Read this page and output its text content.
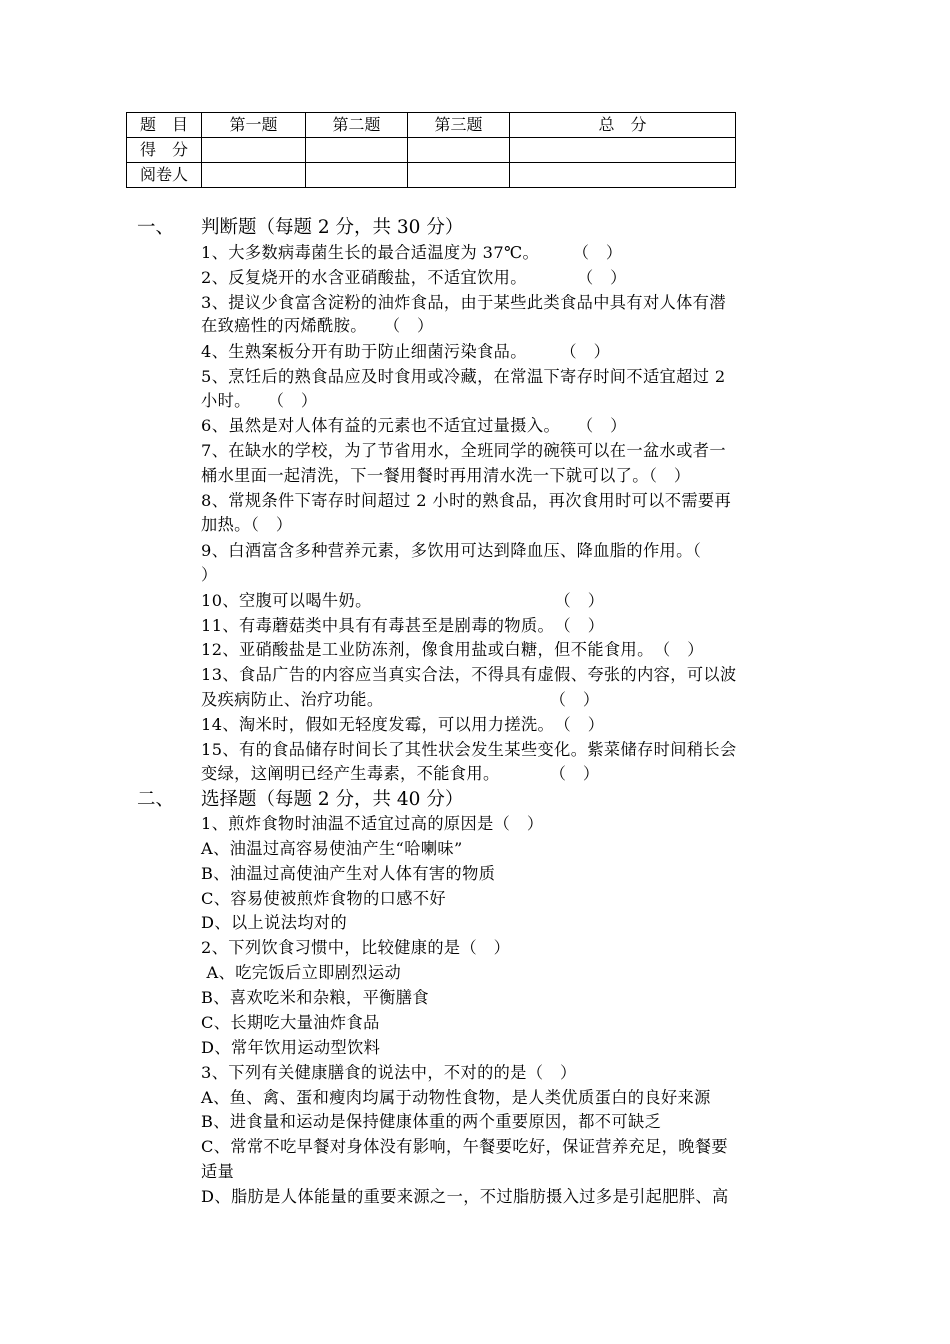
题　目	第一题	第二题	第三题	总　分
得　分				
阅卷人				
一、 判断题（每题 2 分，共 30 分）
1、大多数病毒菌生长的最合适温度为 37℃。　　　（　）
2、反复烧开的水含亚硝酸盐，不适宜饮用。　　　　（　）
3、提议少食富含淀粉的油炸食品，由于某些此类食品中具有对人体有潜
在致癌性的丙烯酰胺。　　（　）
4、生熟案板分开有助于防止细菌污染食品。　　　（　）
5、烹饪后的熟食品应及时食用或冷藏，在常温下寄存时间不适宜超过 2
小时。　　（　）
6、虽然是对人体有益的元素也不适宜过量摄入。　　（　）
7、在缺水的学校，为了节省用水，全班同学的碗筷可以在一盆水或者一
桶水里面一起清洗，下一餐用餐时再用清水洗一下就可以了。（　）
8、常规条件下寄存时间超过 2 小时的熟食品，再次食用时可以不需要再
加热。（　）
9、白酒富含多种营养元素，多饮用可达到降血压、降血脂的作用。（
）
10、空腹可以喝牛奶。　　　　　　　　　　　　（　）
11、有毒蘑菇类中具有有毒甚至是剧毒的物质。　（　）
12、亚硝酸盐是工业防冻剂，像食用盐或白糖，但不能食用。　（　）
13、食品广告的内容应当真实合法，不得具有虚假、夸张的内容，可以波
及疾病防止、治疗功能。　　　　　　　　　　　（　）
14、淘米时，假如无轻度发霉，可以用力搓洗。　（　）
15、有的食品储存时间长了其性状会发生某些变化。紫菜储存时间稍长会
变绿，这阐明已经产生毒素，不能食用。　　　　（　）
二、 选择题（每题 2 分，共 40 分）
1、煎炸食物时油温不适宜过高的原因是（　）
A、油温过高容易使油产生“哈喇味”
B、油温过高使油产生对人体有害的物质
C、容易使被煎炸食物的口感不好
D、以上说法均对的
2、下列饮食习惯中，比较健康的是（　）
A、吃完饭后立即剧烈运动
B、喜欢吃米和杂粮，平衡膳食
C、长期吃大量油炸食品
D、常年饮用运动型饮料
3、下列有关健康膳食的说法中，不对的的是（　）
A、鱼、禽、蛋和瘦肉均属于动物性食物，是人类优质蛋白的良好来源
B、进食量和运动是保持健康体重的两个重要原因，都不可缺乏
C、常常不吃早餐对身体没有影响，午餐要吃好，保证营养充足，晚餐要
适量
D、脂肪是人体能量的重要来源之一，不过脂肪摄入过多是引起肥胖、高
